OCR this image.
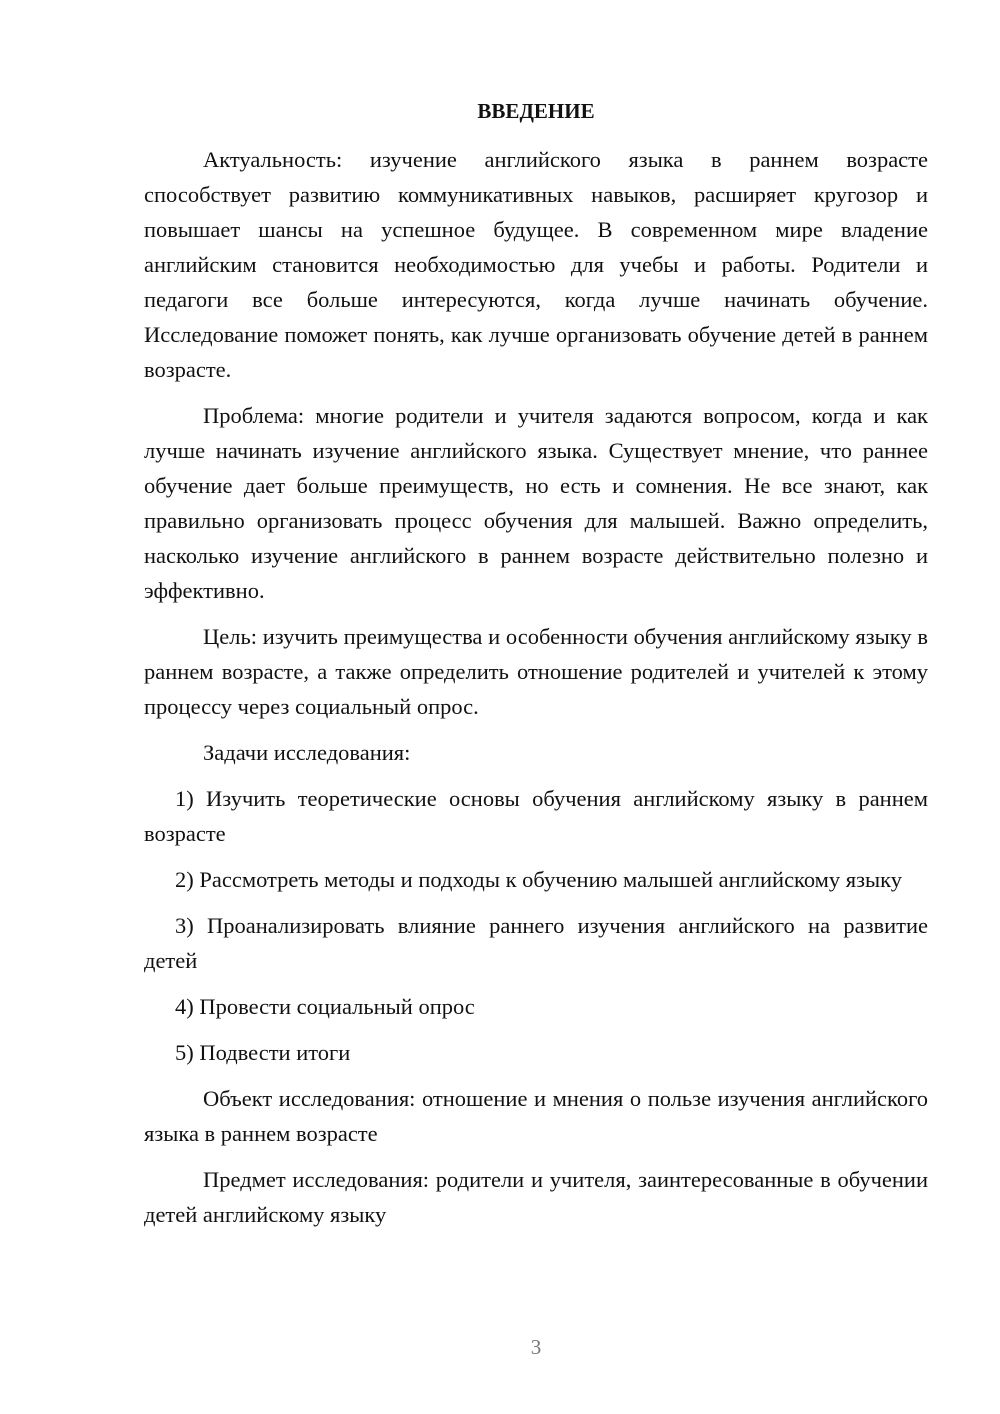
ВВЕДЕНИЕ

Актуальность: изучение английского языка в раннем возрасте способствует развитию коммуникативных навыков, расширяет кругозор и повышает шансы на успешное будущее. В современном мире владение английским становится необходимостью для учебы и работы. Родители и педагоги все больше интересуются, когда лучше начинать обучение. Исследование поможет понять, как лучше организовать обучение детей в раннем возрасте.

Проблема: многие родители и учителя задаются вопросом, когда и как лучше начинать изучение английского языка. Существует мнение, что раннее обучение дает больше преимуществ, но есть и сомнения. Не все знают, как правильно организовать процесс обучения для малышей. Важно определить, насколько изучение английского в раннем возрасте действительно полезно и эффективно.

Цель: изучить преимущества и особенности обучения английскому языку в раннем возрасте, а также определить отношение родителей и учителей к этому процессу через социальный опрос.

Задачи исследования:

1) Изучить теоретические основы обучения английскому языку в раннем возрасте

2) Рассмотреть методы и подходы к обучению малышей английскому языку

3) Проанализировать влияние раннего изучения английского на развитие детей

4) Провести социальный опрос

5) Подвести итоги

Объект исследования: отношение и мнения о пользе изучения английского языка в раннем возрасте

Предмет исследования: родители и учителя, заинтересованные в обучении детей английскому языку

3
